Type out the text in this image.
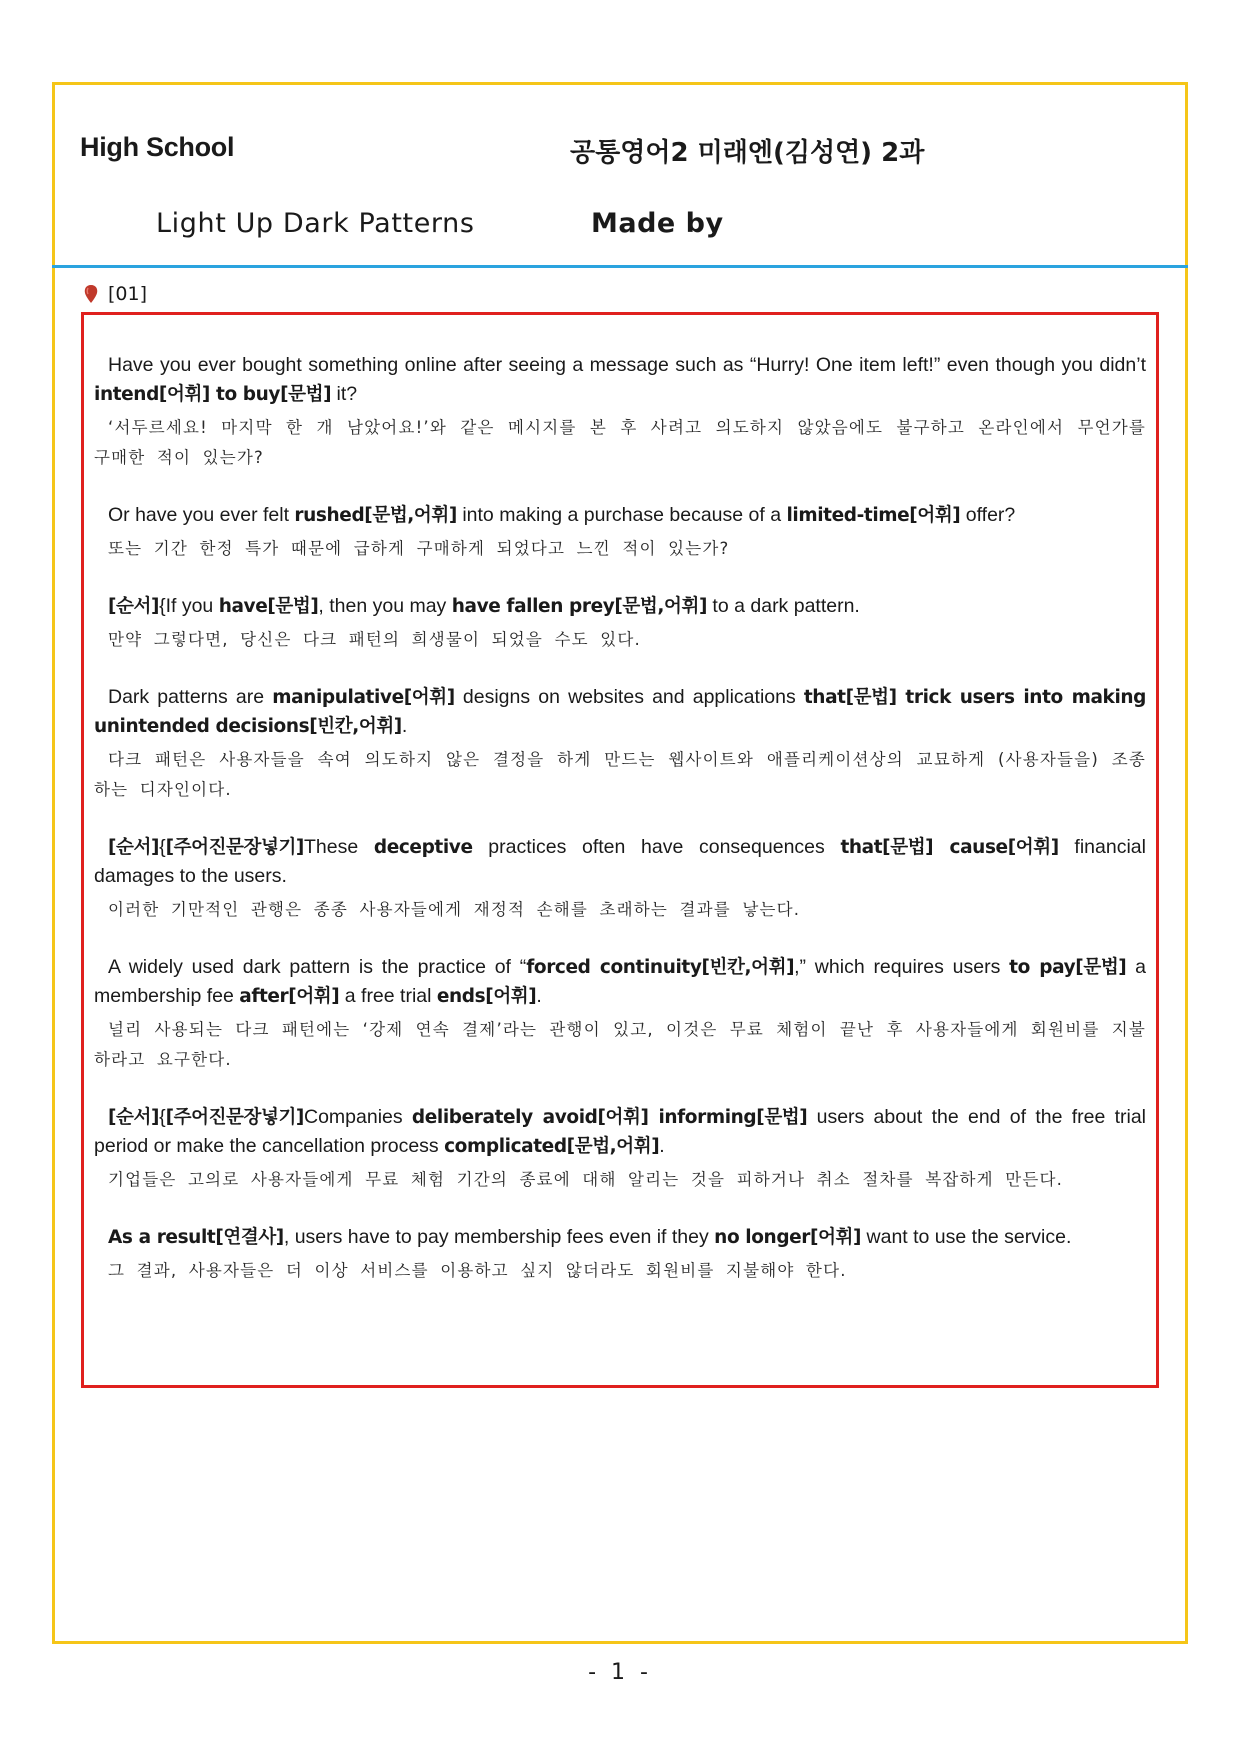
High School	공통영어2 미래엔(김성연) 2과
Light Up Dark Patterns	Made by
[01]

Have you ever bought something online after seeing a message such as “Hurry! One item left!” even though you didn’t intend[어휘] to buy[문법] it?

‘서두르세요! 마지막 한 개 남았어요!’와 같은 메시지를 본 후 사려고 의도하지 않았음에도 불구하고 온라인에서 무언가를 구매한 적이 있는가?

Or have you ever felt rushed[문법,어휘] into making a purchase because of a limited-time[어휘] offer?

또는 기간 한정 특가 때문에 급하게 구매하게 되었다고 느낀 적이 있는가?

[순서]{If you have[문법], then you may have fallen prey[문법,어휘] to a dark pattern.

만약 그렇다면, 당신은 다크 패턴의 희생물이 되었을 수도 있다.

Dark patterns are manipulative[어휘] designs on websites and applications that[문법] trick users into making unintended decisions[빈칸,어휘].

다크 패턴은 사용자들을 속여 의도하지 않은 결정을 하게 만드는 웹사이트와 애플리케이션상의 교묘하게 (사용자들을) 조종하는 디자인이다.

[순서]{[주어진문장넣기]These deceptive practices often have consequences that[문법] cause[어휘] financial damages to the users.

이러한 기만적인 관행은 종종 사용자들에게 재정적 손해를 초래하는 결과를 낳는다.

A widely used dark pattern is the practice of “forced continuity[빈칸,어휘],” which requires users to pay[문법] a membership fee after[어휘] a free trial ends[어휘].

널리 사용되는 다크 패턴에는 ‘강제 연속 결제’라는 관행이 있고, 이것은 무료 체험이 끝난 후 사용자들에게 회원비를 지불하라고 요구한다.

[순서]{[주어진문장넣기]Companies deliberately avoid[어휘] informing[문법] users about the end of the free trial period or make the cancellation process complicated[문법,어휘].

기업들은 고의로 사용자들에게 무료 체험 기간의 종료에 대해 알리는 것을 피하거나 취소 절차를 복잡하게 만든다.

As a result[연결사], users have to pay membership fees even if they no longer[어휘] want to use the service.

그 결과, 사용자들은 더 이상 서비스를 이용하고 싶지 않더라도 회원비를 지불해야 한다.

- 1 -
